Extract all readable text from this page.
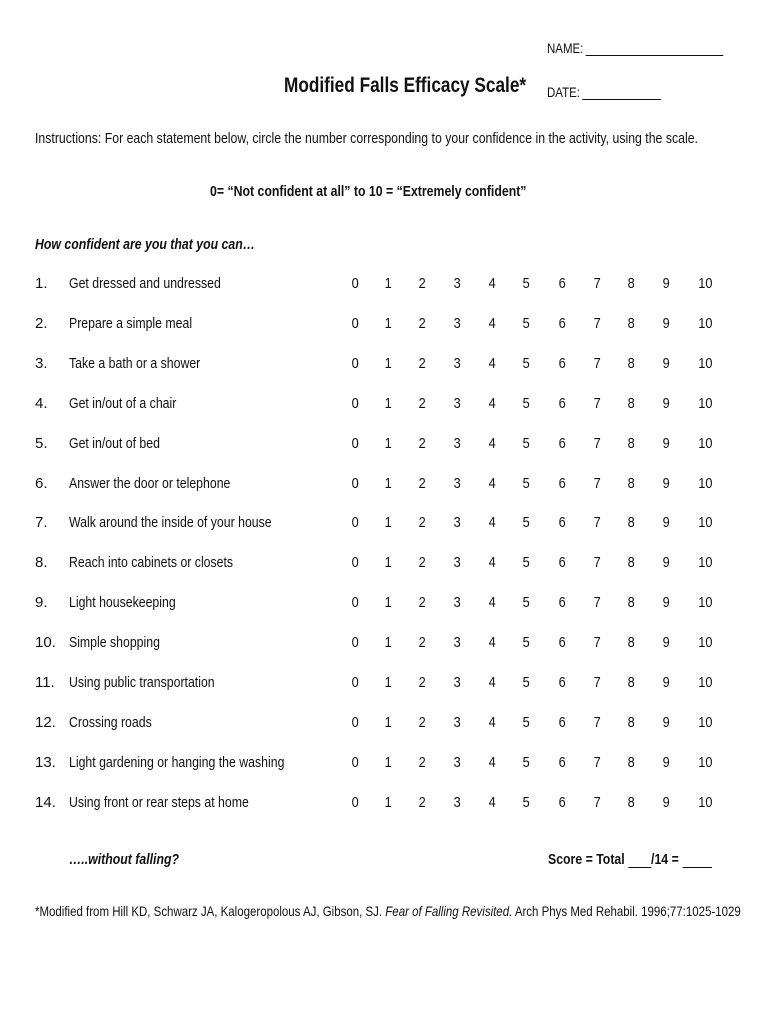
NAME:
Modified Falls Efficacy Scale*	DATE:
Instructions: For each statement below, circle the number corresponding to your confidence in the activity, using the scale.
0= “Not confident at all” to 10 = “Extremely confident”
How confident are you that you can…
1. Get dressed and undressed	0	1	2	3	4	5	6	7	8	9	10
2. Prepare a simple meal	0	1	2	3	4	5	6	7	8	9	10
3. Take a bath or a shower	0	1	2	3	4	5	6	7	8	9	10
4. Get in/out of a chair	0	1	2	3	4	5	6	7	8	9	10
5. Get in/out of bed	0	1	2	3	4	5	6	7	8	9	10
6. Answer the door or telephone	0	1	2	3	4	5	6	7	8	9	10
7. Walk around the inside of your house	0	1	2	3	4	5	6	7	8	9	10
8. Reach into cabinets or closets	0	1	2	3	4	5	6	7	8	9	10
9. Light housekeeping	0	1	2	3	4	5	6	7	8	9	10
10. Simple shopping	0	1	2	3	4	5	6	7	8	9	10
11. Using public transportation	0	1	2	3	4	5	6	7	8	9	10
12. Crossing roads	0	1	2	3	4	5	6	7	8	9	10
13. Light gardening or hanging the washing	0	1	2	3	4	5	6	7	8	9	10
14. Using front or rear steps at home	0	1	2	3	4	5	6	7	8	9	10
…..without falling?	Score = Total /14 =
*Modified from Hill KD, Schwarz JA, Kalogeropolous AJ, Gibson, SJ. Fear of Falling Revisited. Arch Phys Med Rehabil. 1996;77:1025-1029
